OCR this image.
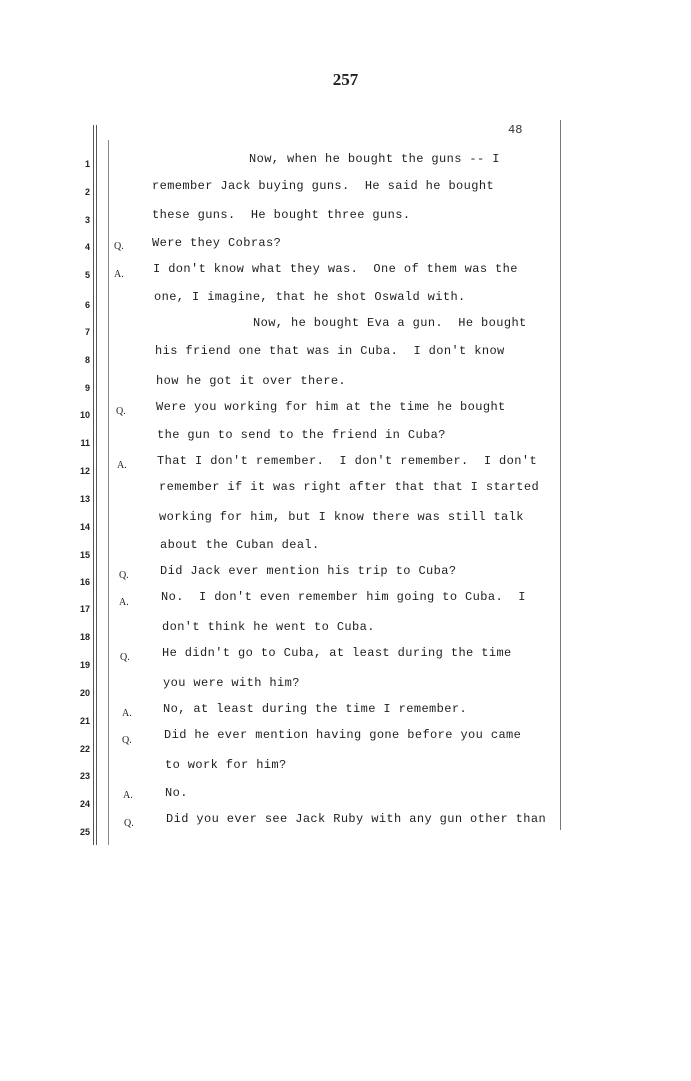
257
48
1
2
3
4
5
6
7
8
9
10
11
12
13
14
15
16
17
18
19
20
21
22
23
24
25
Q.
A.
Q.
A.
Q.
A.
Q.
A.
Q.
A.
Q.
Now, when he bought the guns -- I
remember Jack buying guns.  He said he bought
these guns.  He bought three guns.
Were they Cobras?
I don't know what they was.  One of them was the
one, I imagine, that he shot Oswald with.
Now, he bought Eva a gun.  He bought
his friend one that was in Cuba.  I don't know
how he got it over there.
Were you working for him at the time he bought
the gun to send to the friend in Cuba?
That I don't remember.  I don't remember.  I don't
remember if it was right after that that I started
working for him, but I know there was still talk
about the Cuban deal.
Did Jack ever mention his trip to Cuba?
No.  I don't even remember him going to Cuba.  I
don't think he went to Cuba.
He didn't go to Cuba, at least during the time
you were with him?
No, at least during the time I remember.
Did he ever mention having gone before you came
to work for him?
No.
Did you ever see Jack Ruby with any gun other than
